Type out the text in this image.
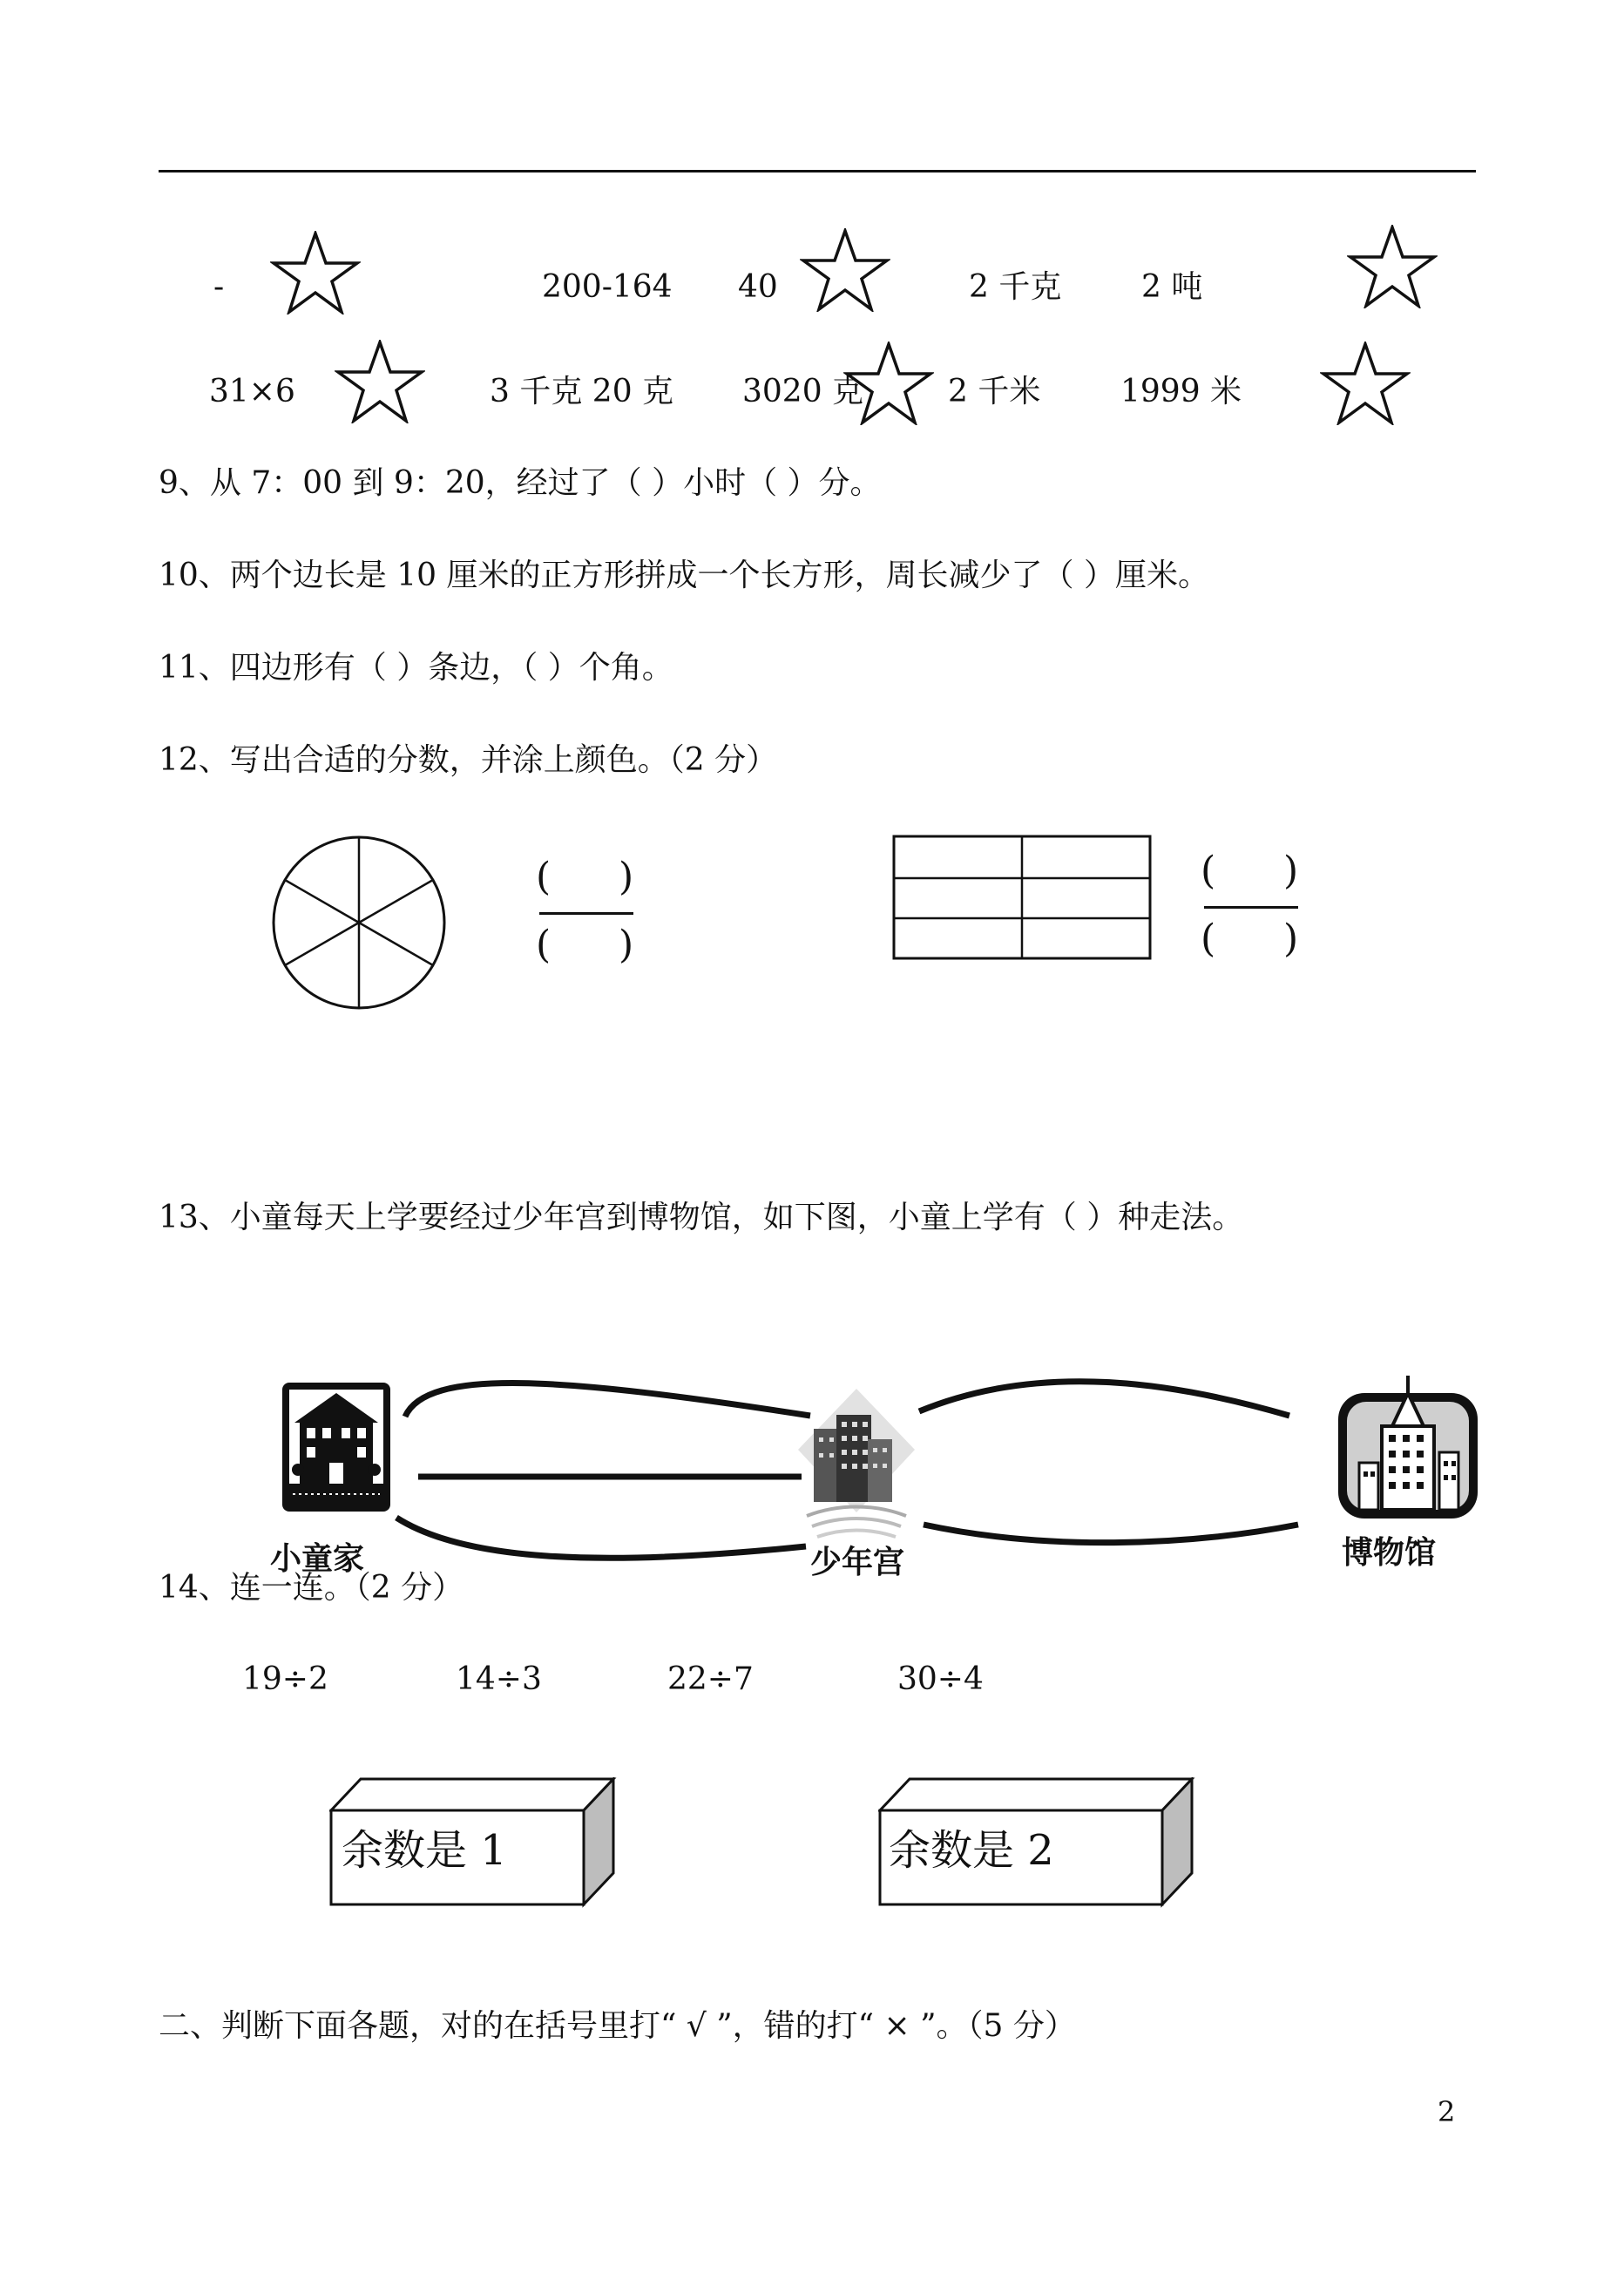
-	200-164 40	2 千克	2 吨
31×6	3 千克 20 克 3020 克	2 千米	1999 米
9、从 7：00 到 9：20，经过了（ ）小时（ ）分。
10、两个边长是 10 厘米的正方形拼成一个长方形，周长减少了（ ）厘米。
11、四边形有（ ）条边，（ ）个角。
12、写出合适的分数，并涂上颜色。（2 分）
( )
( )
( )
( )
13、小童每天上学要经过少年宫到博物馆，如下图，小童上学有（ ）种走法。
小童家	少年宫	博物馆
14、连一连。（2 分）
19÷2	14÷3	22÷7	30÷4
余数是 1	余数是 2
二、判断下面各题，对的在括号里打“ √ ”，错的打“ × ”。（5 分）
2
